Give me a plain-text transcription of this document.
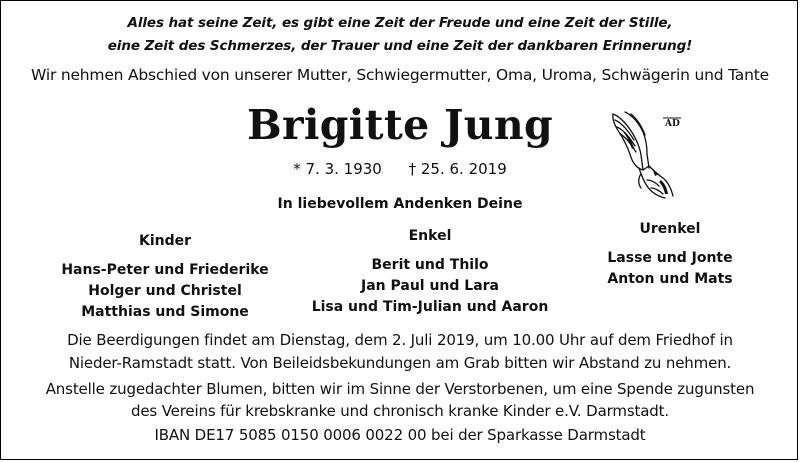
Alles hat seine Zeit, es gibt eine Zeit der Freude und eine Zeit der Stille,
eine Zeit des Schmerzes, der Trauer und eine Zeit der dankbaren Erinnerung!
Wir nehmen Abschied von unserer Mutter, Schwiegermutter, Oma, Uroma, Schwägerin und Tante
Brigitte Jung
* 7. 3. 1930 † 25. 6. 2019
A D
In liebevollem Andenken Deine
Kinder
Hans-Peter und Friederike
Holger und Christel
Matthias und Simone
Enkel
Berit und Thilo
Jan Paul und Lara
Lisa und Tim-Julian und Aaron
Urenkel
Lasse und Jonte
Anton und Mats
Die Beerdigungen findet am Dienstag, dem 2. Juli 2019, um 10.00 Uhr auf dem Friedhof in
Nieder-Ramstadt statt. Von Beileidsbekundungen am Grab bitten wir Abstand zu nehmen.
Anstelle zugedachter Blumen, bitten wir im Sinne der Verstorbenen, um eine Spende zugunsten
des Vereins für krebskranke und chronisch kranke Kinder e.V. Darmstadt.
IBAN DE17 5085 0150 0006 0022 00 bei der Sparkasse Darmstadt
